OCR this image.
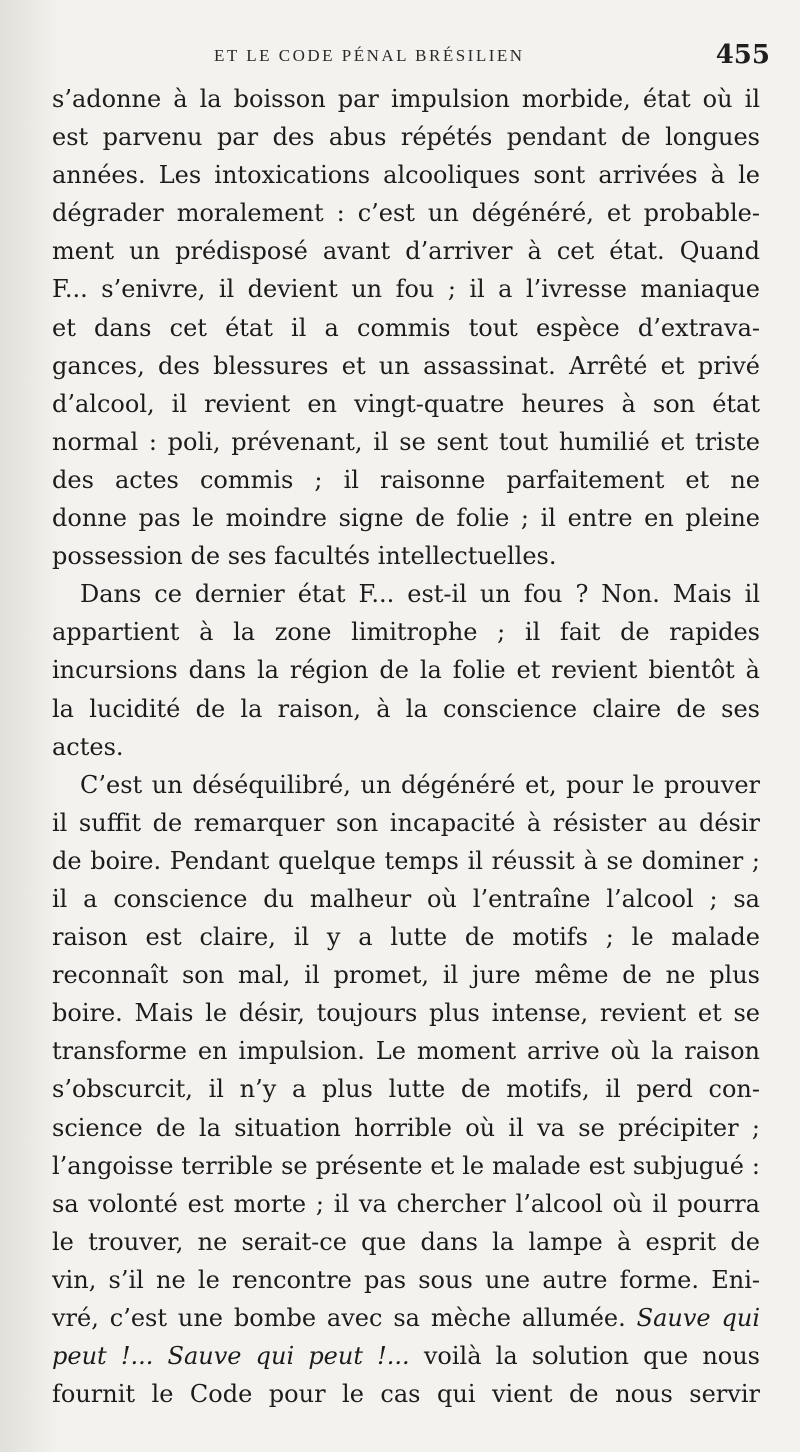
ET LE CODE PÉNAL BRÉSILIEN	455
s’adonne à la boisson par impulsion morbide, état où il
est parvenu par des abus répétés pendant de longues
années. Les intoxications alcooliques sont arrivées à le
dégrader moralement : c’est un dégénéré, et probable-
ment un prédisposé avant d’arriver à cet état. Quand
F... s’enivre, il devient un fou ; il a l’ivresse maniaque
et dans cet état il a commis tout espèce d’extrava-
gances, des blessures et un assassinat. Arrêté et privé
d’alcool, il revient en vingt-quatre heures à son état
normal : poli, prévenant, il se sent tout humilié et triste
des actes commis ; il raisonne parfaitement et ne
donne pas le moindre signe de folie ; il entre en pleine
possession de ses facultés intellectuelles.
Dans ce dernier état F... est-il un fou ? Non. Mais il
appartient à la zone limitrophe ; il fait de rapides
incursions dans la région de la folie et revient bientôt à
la lucidité de la raison, à la conscience claire de ses
actes.
C’est un déséquilibré, un dégénéré et, pour le prouver
il suffit de remarquer son incapacité à résister au désir
de boire. Pendant quelque temps il réussit à se dominer ;
il a conscience du malheur où l’entraîne l’alcool ; sa
raison est claire, il y a lutte de motifs ; le malade
reconnaît son mal, il promet, il jure même de ne plus
boire. Mais le désir, toujours plus intense, revient et se
transforme en impulsion. Le moment arrive où la raison
s’obscurcit, il n’y a plus lutte de motifs, il perd con-
science de la situation horrible où il va se précipiter ;
l’angoisse terrible se présente et le malade est subjugué :
sa volonté est morte ; il va chercher l’alcool où il pourra
le trouver, ne serait-ce que dans la lampe à esprit de
vin, s’il ne le rencontre pas sous une autre forme. Eni-
vré, c’est une bombe avec sa mèche allumée. Sauve qui
peut !... Sauve qui peut !... voilà la solution que nous
fournit le Code pour le cas qui vient de nous servir
